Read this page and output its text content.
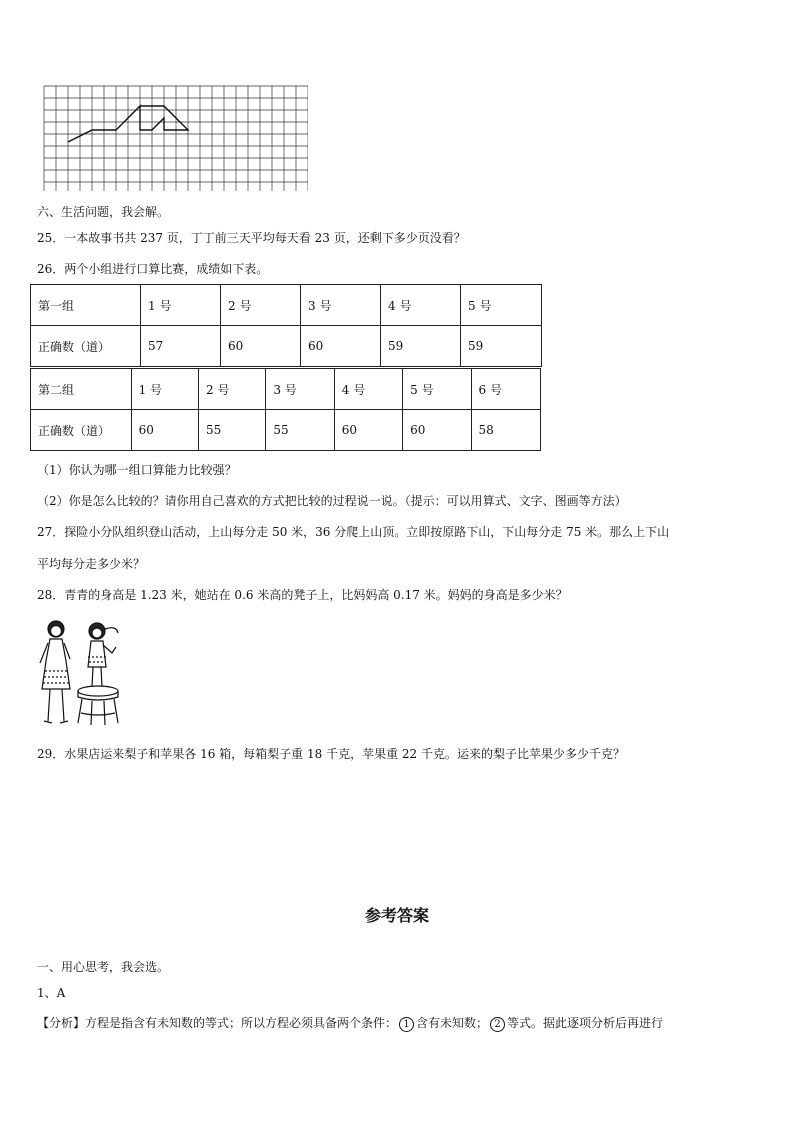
六、生活问题，我会解。
25．一本故事书共 237 页，丁丁前三天平均每天看 23 页，还剩下多少页没看？
26．两个小组进行口算比赛，成绩如下表。
第一组	1 号	2 号	3 号	4 号	5 号
正确数（道）	57	60	60	59	59
第二组	1 号	2 号	3 号	4 号	5 号	6 号
正确数（道）	60	55	55	60	60	58
（1）你认为哪一组口算能力比较强？
（2）你是怎么比较的？请你用自己喜欢的方式把比较的过程说一说。（提示：可以用算式、文字、图画等方法）
27．探险小分队组织登山活动，上山每分走 50 米，36 分爬上山顶。立即按原路下山，下山每分走 75 米。那么上下山
平均每分走多少米？
28．青青的身高是 1.23 米，她站在 0.6 米高的凳子上，比妈妈高 0.17 米。妈妈的身高是多少米？
29．水果店运来梨子和苹果各 16 箱，每箱梨子重 18 千克，苹果重 22 千克。运来的梨子比苹果少多少千克？
参考答案
一、用心思考，我会选。
1、A
【分析】方程是指含有未知数的等式；所以方程必须具备两个条件： 1 含有未知数； 2 等式。据此逐项分析后再进行
